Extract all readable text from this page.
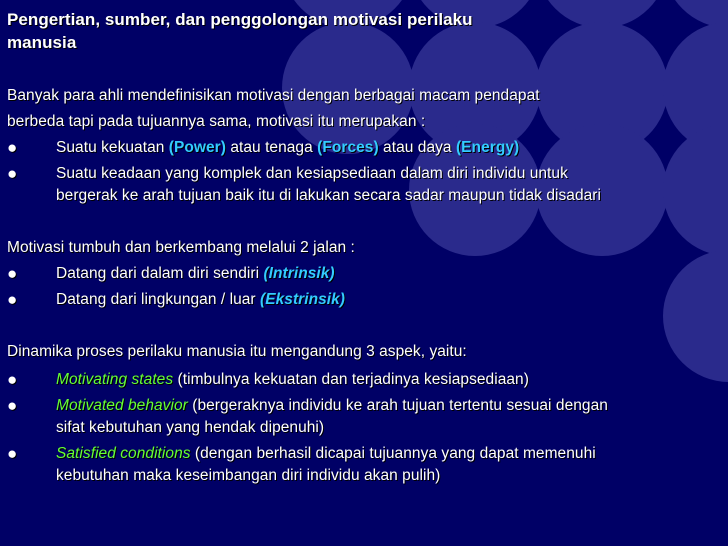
Pengertian, sumber, dan penggolongan motivasi perilaku
manusia
Banyak para ahli mendefinisikan motivasi dengan berbagai macam pendapat
berbeda tapi pada tujuannya sama, motivasi itu merupakan :
● Suatu kekuatan (Power) atau tenaga (Forces) atau daya (Energy)
● Suatu keadaan yang komplek dan kesiapsediaan dalam diri individu untuk
bergerak ke arah tujuan baik itu di lakukan secara sadar maupun tidak disadari
Motivasi tumbuh dan berkembang melalui 2 jalan :
● Datang dari dalam diri sendiri (Intrinsik)
● Datang dari lingkungan / luar (Ekstrinsik)
Dinamika proses perilaku manusia itu mengandung 3 aspek, yaitu:
● Motivating states (timbulnya kekuatan dan terjadinya kesiapsediaan)
● Motivated behavior (bergeraknya individu ke arah tujuan tertentu sesuai dengan
sifat kebutuhan yang hendak dipenuhi)
● Satisfied conditions (dengan berhasil dicapai tujuannya yang dapat memenuhi
kebutuhan maka keseimbangan diri individu akan pulih)
